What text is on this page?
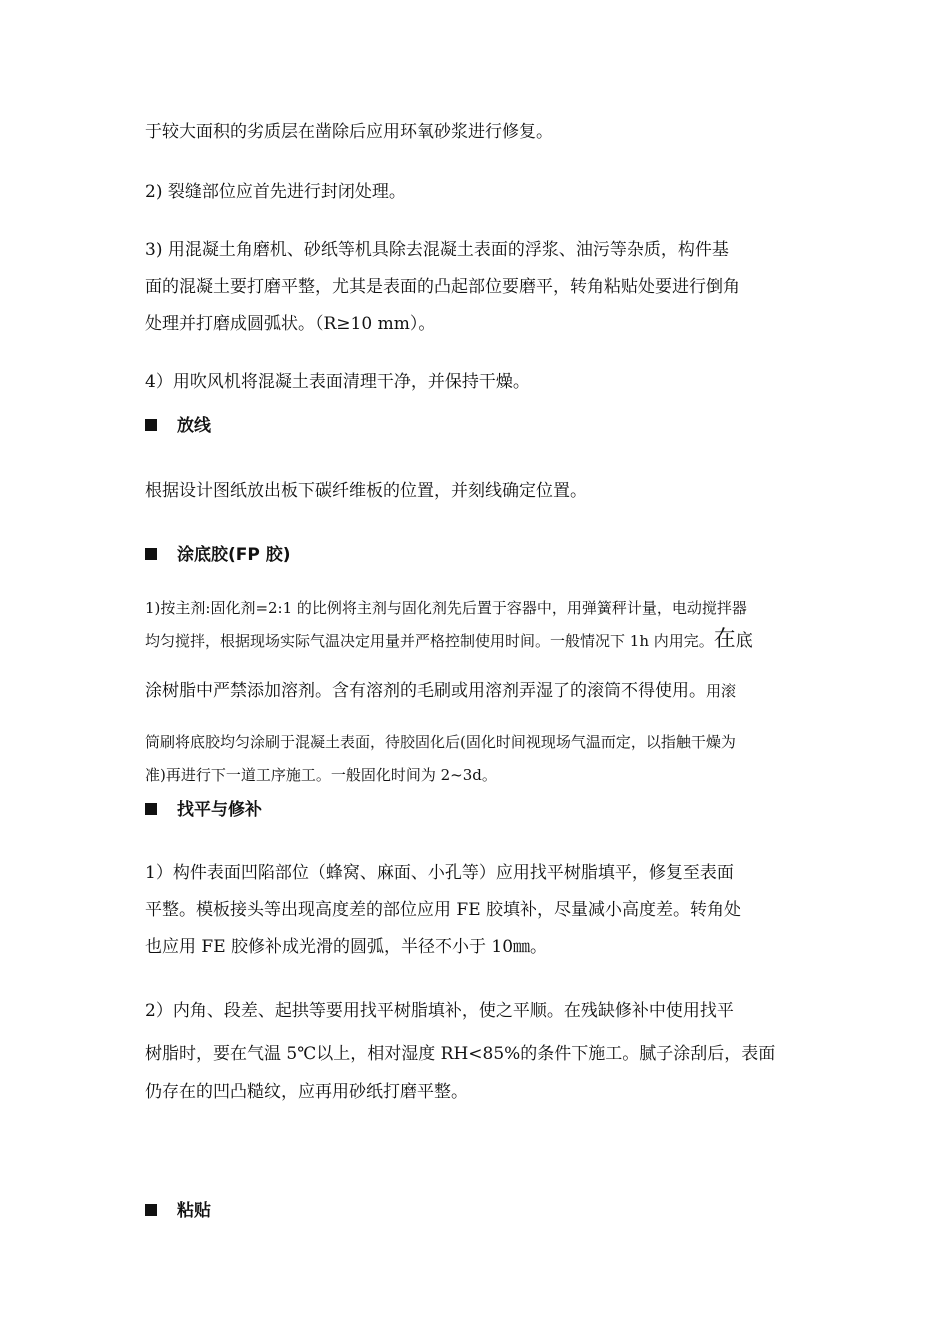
于较大面积的劣质层在凿除后应用环氧砂浆进行修复。
2) 裂缝部位应首先进行封闭处理。
3) 用混凝土角磨机、砂纸等机具除去混凝土表面的浮浆、油污等杂质，构件基
面的混凝土要打磨平整，尤其是表面的凸起部位要磨平，转角粘贴处要进行倒角
处理并打磨成圆弧状。（R≥10 mm）。
4）用吹风机将混凝土表面清理干净，并保持干燥。
放线
根据设计图纸放出板下碳纤维板的位置，并刻线确定位置。
涂底胶(FP 胶)
1)按主剂:固化剂=2:1 的比例将主剂与固化剂先后置于容器中，用弹簧秤计量，电动搅拌器
均匀搅拌，根据现场实际气温决定用量并严格控制使用时间。一般情况下 1h 内用完。在底
涂树脂中严禁添加溶剂。含有溶剂的毛刷或用溶剂弄湿了的滚筒不得使用。用滚
筒刷将底胶均匀涂刷于混凝土表面，待胶固化后(固化时间视现场气温而定，以指触干燥为
准)再进行下一道工序施工。一般固化时间为 2~3d。
找平与修补
1）构件表面凹陷部位（蜂窝、麻面、小孔等）应用找平树脂填平，修复至表面
平整。模板接头等出现高度差的部位应用 FE 胶填补，尽量减小高度差。转角处
也应用 FE 胶修补成光滑的圆弧，半径不小于 10㎜。
2）内角、段差、起拱等要用找平树脂填补，使之平顺。在残缺修补中使用找平
树脂时，要在气温 5℃以上，相对湿度 RH<85%的条件下施工。腻子涂刮后，表面
仍存在的凹凸糙纹，应再用砂纸打磨平整。
粘贴
